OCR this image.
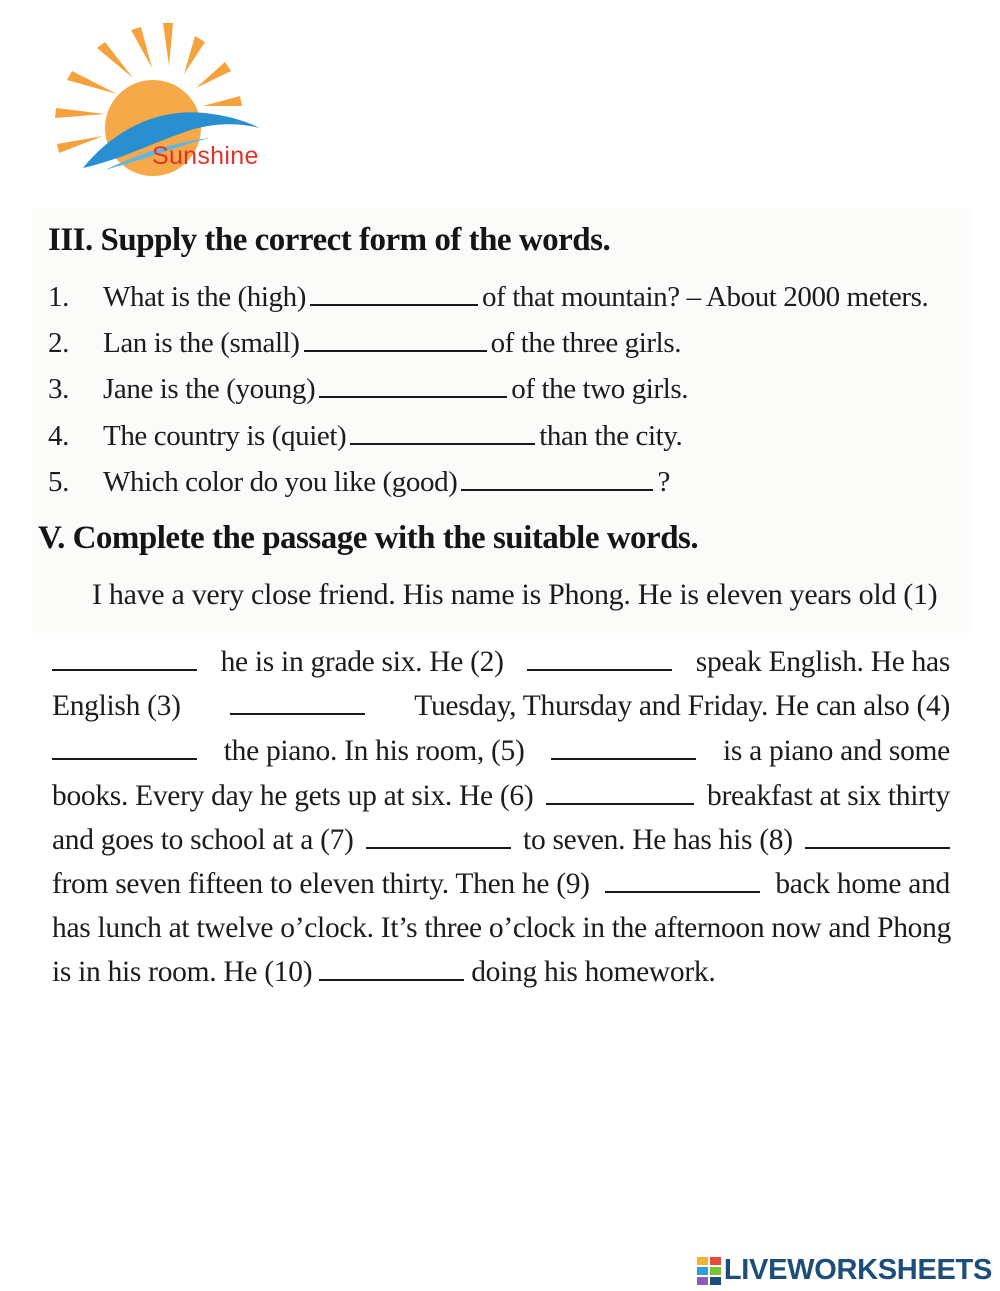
Sunshine
III. Supply the correct form of the words.
1. What is the (high)	of that mountain? – About 2000 meters.
2. Lan is the (small)	of the three girls.
3. Jane is the (young)	of the two girls.
4. The country is (quiet)	than the city.
5. Which color do you like (good)	?
V. Complete the passage with the suitable words.
I have a very close friend. His name is Phong. He is eleven years old (1)
he is in grade six. He (2)	speak English. He has
English (3)	Tuesday, Thursday and Friday. He can also (4)
the piano. In his room, (5)	is a piano and some
books. Every day he gets up at six. He (6)	breakfast at six thirty
and goes to school at a (7)	to seven. He has his (8)
from seven fifteen to eleven thirty. Then he (9)	back home and
has lunch at twelve o’clock. It’s three o’clock in the afternoon now and Phong
is in his room. He (10)	doing his homework.
LIVEWORKSHEETS
